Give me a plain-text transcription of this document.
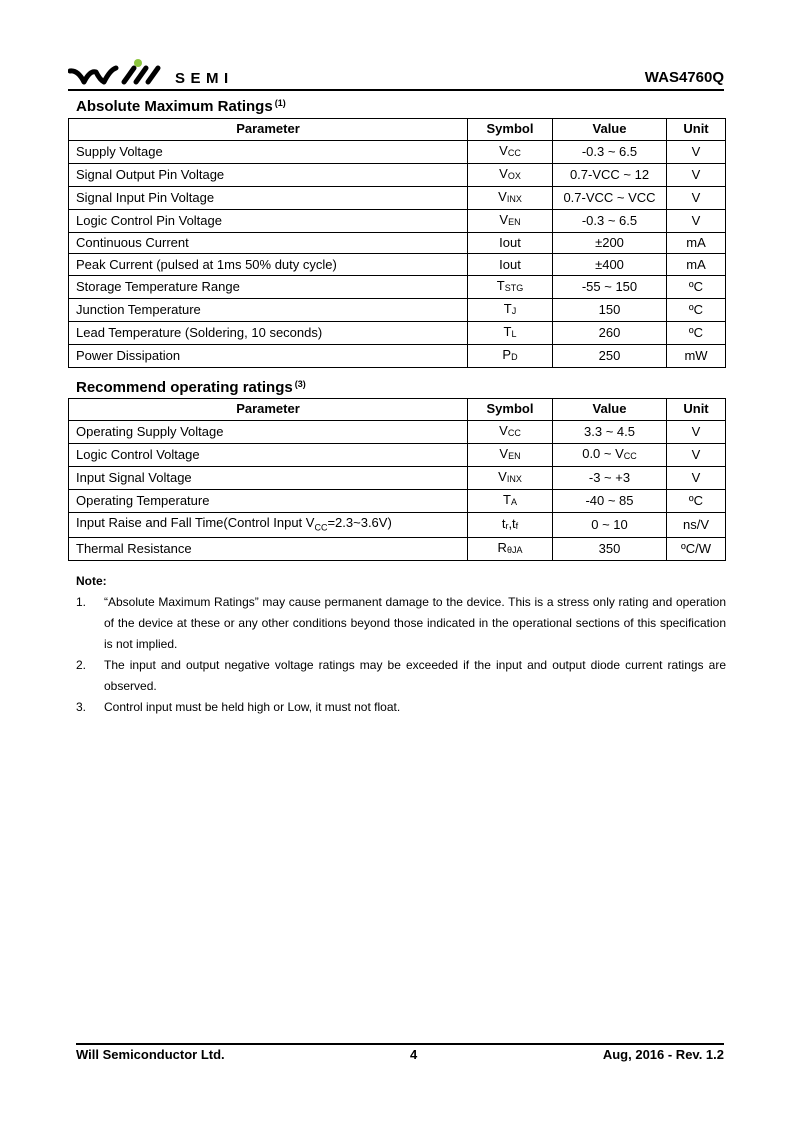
SEMI	WAS4760Q
Absolute Maximum Ratings $^{(1)}$
Parameter	Symbol	Value	Unit
Supply Voltage	$V_{CC}$	-0.3 ~ 6.5	V
Signal Output Pin Voltage	$V_{OX}$	0.7-VCC ~ 12	V
Signal Input Pin Voltage	$V_{INX}$	0.7-VCC ~ VCC	V
Logic Control Pin Voltage	$V_{EN}$	-0.3 ~ 6.5	V
Continuous Current	Iout	±200	mA
Peak Current (pulsed at 1ms 50% duty cycle)	Iout	±400	mA
Storage Temperature Range	$T_{STG}$	-55 ~ 150	ºC
Junction Temperature	$T_J$	150	ºC
Lead Temperature (Soldering, 10 seconds)	$T_L$	260	ºC
Power Dissipation	$P_D$	250	mW
Recommend operating ratings $^{(3)}$
Parameter	Symbol	Value	Unit
Operating Supply Voltage	$V_{CC}$	3.3 ~ 4.5	V
Logic Control Voltage	$V_{EN}$	0.0 ~ $V_{CC}$	V
Input Signal Voltage	$V_{INX}$	-3 ~ +3	V
Operating Temperature	$T_A$	-40 ~ 85	ºC
Input Raise and Fall Time(Control Input $V_{CC}=2.3\sim 3.6V$)	$t_r,t_f$	0 ~ 10	ns/V
Thermal Resistance	$R_{\theta JA}$	350	ºC/W
Note:
1. “Absolute Maximum Ratings” may cause permanent damage to the device. This is a stress only rating and operation of the device at these or any other conditions beyond those indicated in the operational sections of this specification is not implied.
2. The input and output negative voltage ratings may be exceeded if the input and output diode current ratings are observed.
3. Control input must be held high or Low, it must not float.
Will Semiconductor Ltd.	4	Aug, 2016 - Rev. 1.2
